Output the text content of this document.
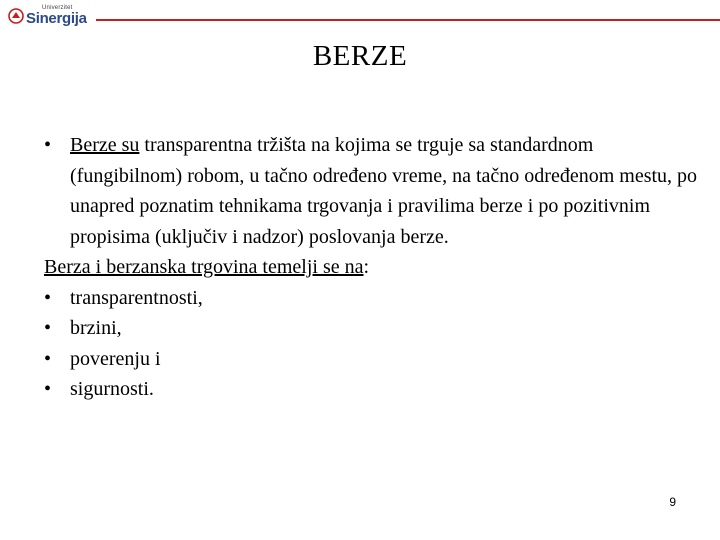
Univerzitet
Sinergija
BERZE
• Berze su transparentna tržišta na kojima se trguje sa standardnom (fungibilnom) robom, u tačno određeno vreme, na tačno određenom mestu, po unapred poznatim tehnikama trgovanja i pravilima berze i po pozitivnim propisima (uključiv i nadzor) poslovanja berze.
Berza i berzanska trgovina temelji se na:
• transparentnosti,
• brzini,
• poverenju i
• sigurnosti.
9
